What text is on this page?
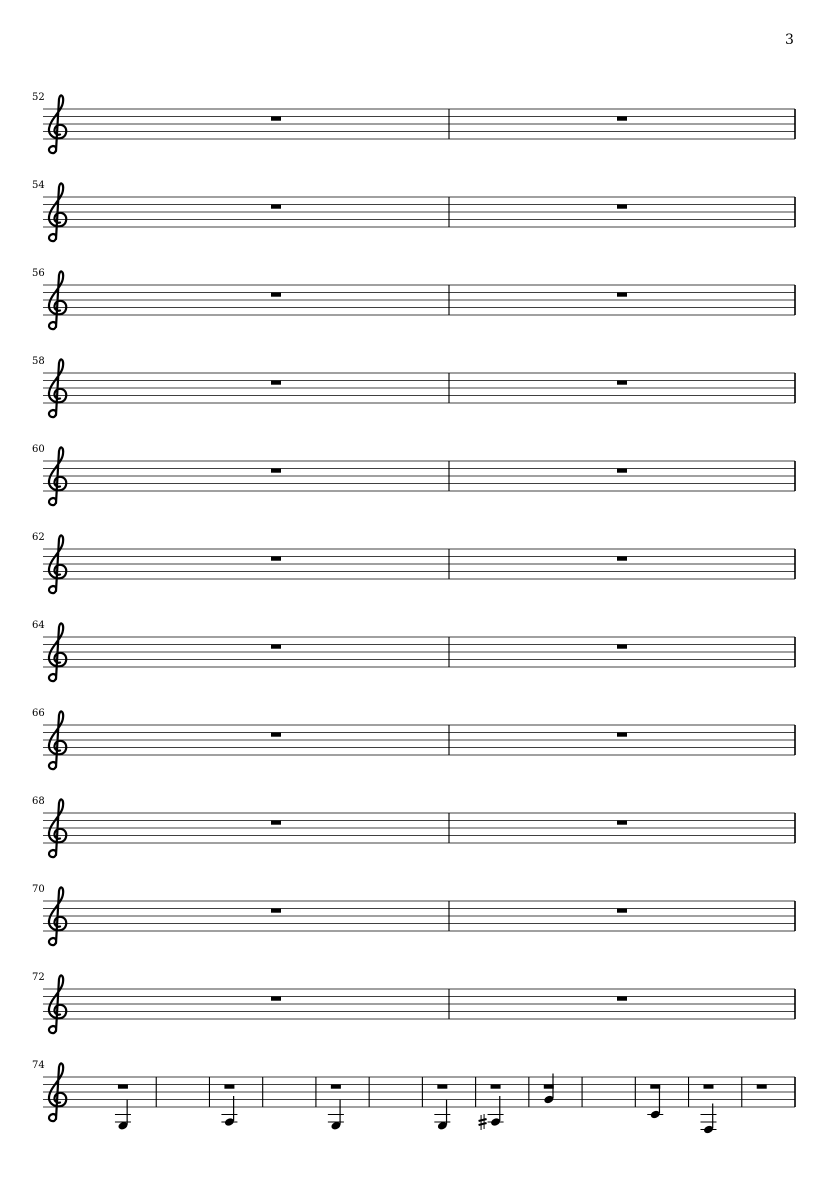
3
52
54
56
58
60
62
64
66
68
70
72
74
